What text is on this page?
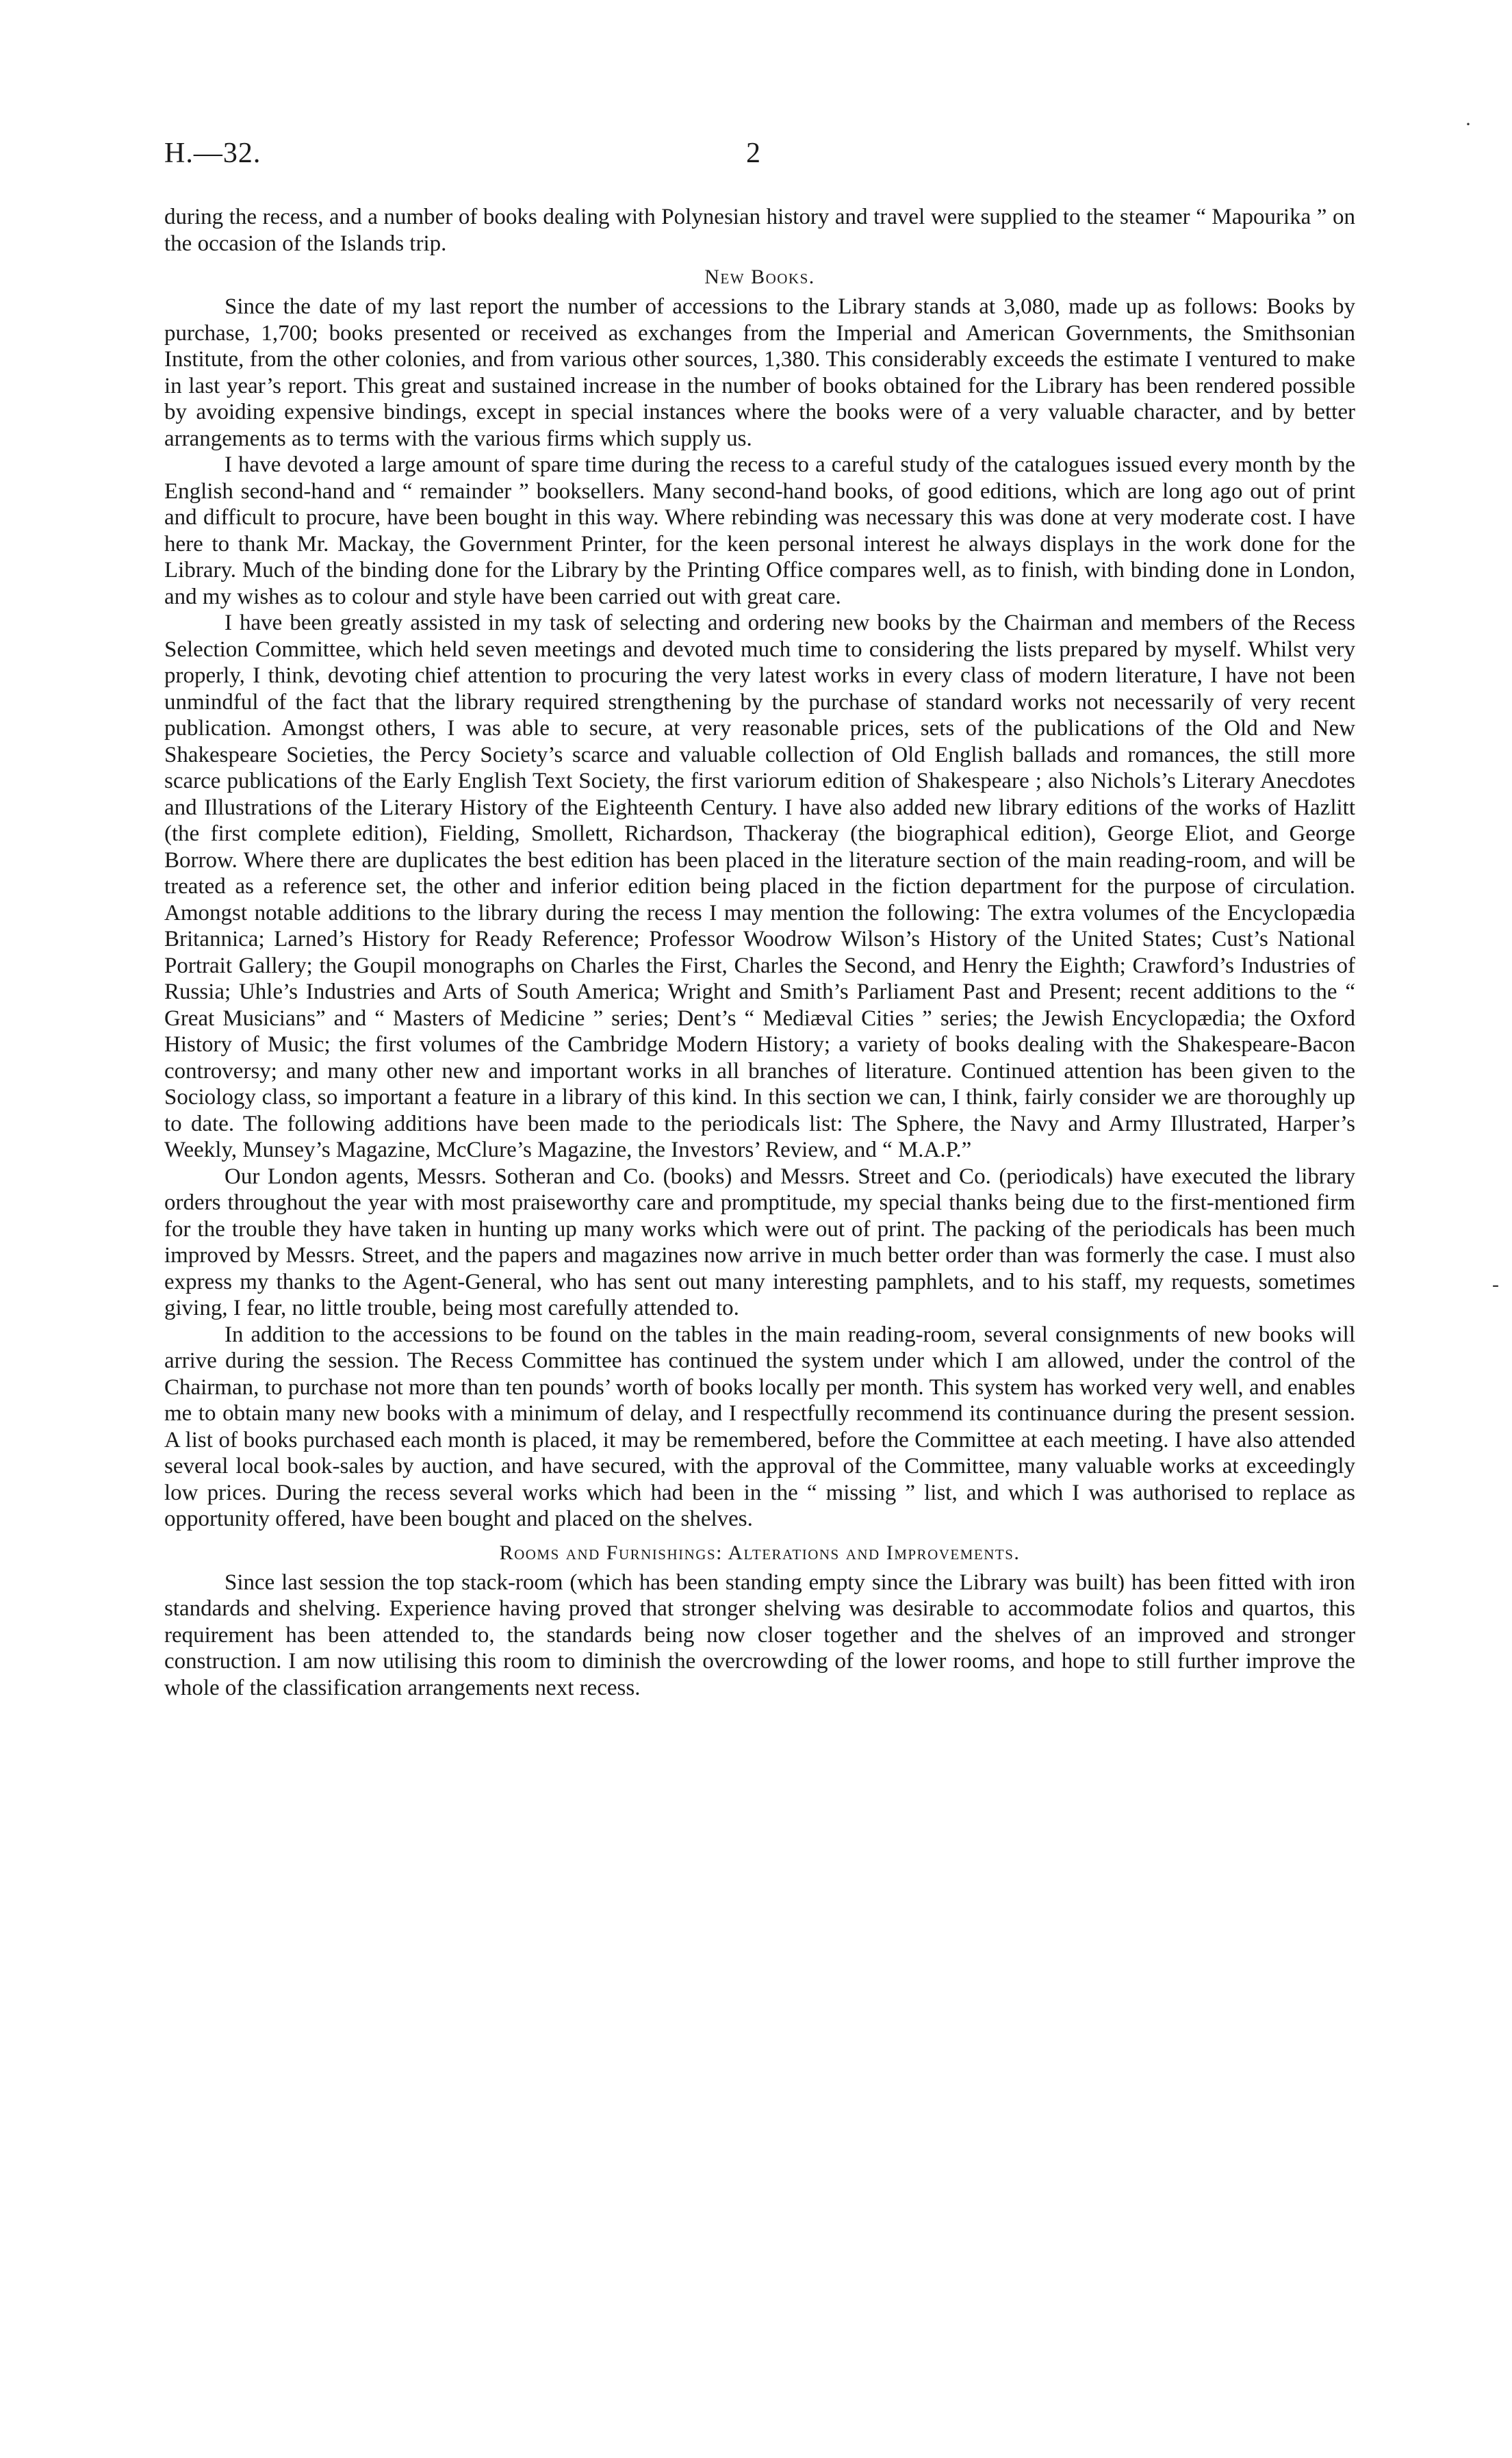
H.—32.	2

during the recess, and a number of books dealing with Polynesian history and travel were supplied to the steamer “ Mapourika ” on the occasion of the Islands trip.

New Books.

Since the date of my last report the number of accessions to the Library stands at 3,080, made up as follows: Books by purchase, 1,700; books presented or received as exchanges from the Imperial and American Governments, the Smithsonian Institute, from the other colonies, and from various other sources, 1,380. This considerably exceeds the estimate I ventured to make in last year’s report. This great and sustained increase in the number of books obtained for the Library has been rendered possible by avoiding expensive bindings, except in special instances where the books were of a very valuable character, and by better arrangements as to terms with the various firms which supply us.

I have devoted a large amount of spare time during the recess to a careful study of the catalogues issued every month by the English second-hand and “ remainder ” booksellers. Many second-hand books, of good editions, which are long ago out of print and difficult to procure, have been bought in this way. Where rebinding was necessary this was done at very moderate cost. I have here to thank Mr. Mackay, the Government Printer, for the keen personal interest he always displays in the work done for the Library. Much of the binding done for the Library by the Printing Office compares well, as to finish, with binding done in London, and my wishes as to colour and style have been carried out with great care.

I have been greatly assisted in my task of selecting and ordering new books by the Chairman and members of the Recess Selection Committee, which held seven meetings and devoted much time to considering the lists prepared by myself. Whilst very properly, I think, devoting chief attention to procuring the very latest works in every class of modern literature, I have not been unmindful of the fact that the library required strengthening by the purchase of standard works not necessarily of very recent publication. Amongst others, I was able to secure, at very reasonable prices, sets of the publications of the Old and New Shakespeare Societies, the Percy Society’s scarce and valuable collection of Old English ballads and romances, the still more scarce publications of the Early English Text Society, the first variorum edition of Shakespeare ; also Nichols’s Literary Anecdotes and Illustrations of the Literary History of the Eighteenth Century. I have also added new library editions of the works of Hazlitt (the first complete edition), Fielding, Smollett, Richardson, Thackeray (the biographical edition), George Eliot, and George Borrow. Where there are duplicates the best edition has been placed in the literature section of the main reading-room, and will be treated as a reference set, the other and inferior edition being placed in the fiction department for the purpose of circulation. Amongst notable additions to the library during the recess I may mention the following: The extra volumes of the Encyclopædia Britannica; Larned’s History for Ready Reference; Professor Woodrow Wilson’s History of the United States; Cust’s National Portrait Gallery; the Goupil monographs on Charles the First, Charles the Second, and Henry the Eighth; Crawford’s Industries of Russia; Uhle’s Industries and Arts of South America; Wright and Smith’s Parliament Past and Present; recent additions to the “ Great Musicians” and “ Masters of Medicine ” series; Dent’s “ Mediæval Cities ” series; the Jewish Encyclopædia; the Oxford History of Music; the first volumes of the Cambridge Modern History; a variety of books dealing with the Shakespeare-Bacon controversy; and many other new and important works in all branches of literature. Continued attention has been given to the Sociology class, so important a feature in a library of this kind. In this section we can, I think, fairly consider we are thoroughly up to date. The following additions have been made to the periodicals list: The Sphere, the Navy and Army Illustrated, Harper’s Weekly, Munsey’s Magazine, McClure’s Magazine, the Investors’ Review, and “ M.A.P.”

Our London agents, Messrs. Sotheran and Co. (books) and Messrs. Street and Co. (periodicals) have executed the library orders throughout the year with most praiseworthy care and promptitude, my special thanks being due to the first-mentioned firm for the trouble they have taken in hunting up many works which were out of print. The packing of the periodicals has been much improved by Messrs. Street, and the papers and magazines now arrive in much better order than was formerly the case. I must also express my thanks to the Agent-General, who has sent out many interesting pamphlets, and to his staff, my requests, sometimes giving, I fear, no little trouble, being most carefully attended to.

In addition to the accessions to be found on the tables in the main reading-room, several consignments of new books will arrive during the session. The Recess Committee has continued the system under which I am allowed, under the control of the Chairman, to purchase not more than ten pounds’ worth of books locally per month. This system has worked very well, and enables me to obtain many new books with a minimum of delay, and I respectfully recommend its continuance during the present session. A list of books purchased each month is placed, it may be remembered, before the Committee at each meeting. I have also attended several local book-sales by auction, and have secured, with the approval of the Committee, many valuable works at exceedingly low prices. During the recess several works which had been in the “ missing ” list, and which I was authorised to replace as opportunity offered, have been bought and placed on the shelves.

Rooms and Furnishings: Alterations and Improvements.

Since last session the top stack-room (which has been standing empty since the Library was built) has been fitted with iron standards and shelving. Experience having proved that stronger shelving was desirable to accommodate folios and quartos, this requirement has been attended to, the standards being now closer together and the shelves of an improved and stronger construction. I am now utilising this room to diminish the overcrowding of the lower rooms, and hope to still further improve the whole of the classification arrangements next recess.

·
-
